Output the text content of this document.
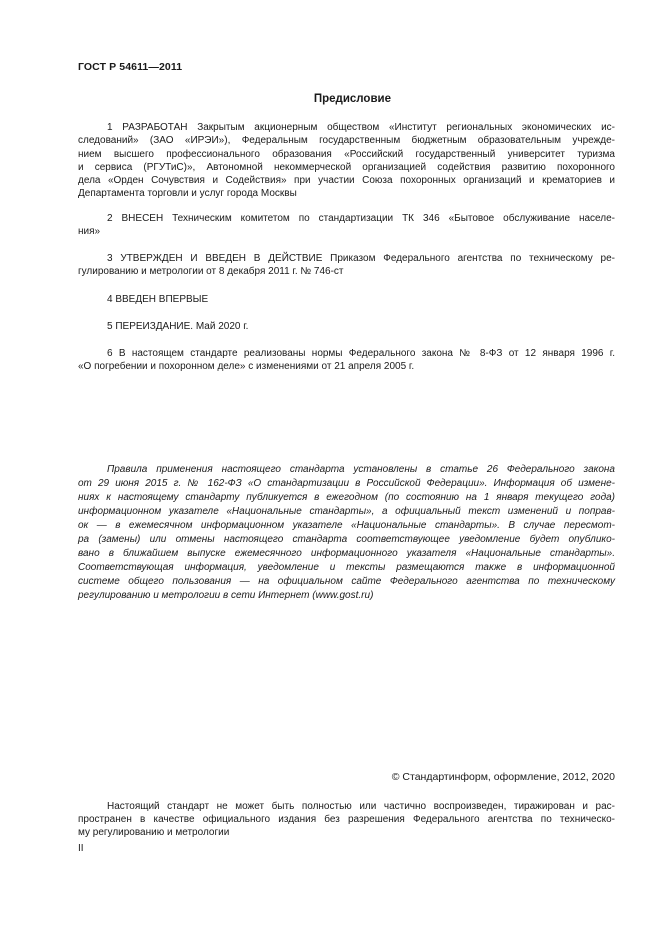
ГОСТ Р 54611—2011
Предисловие
1 РАЗРАБОТАН Закрытым акционерным обществом «Институт региональных экономических ис-
следований» (ЗАО «ИРЭИ»), Федеральным государственным бюджетным образовательным учрежде-
нием высшего профессионального образования «Российский государственный университет туризма
и сервиса (РГУТиС)», Автономной некоммерческой организацией содействия развитию похоронного
дела «Орден Сочувствия и Содействия» при участии Союза похоронных организаций и крематориев и
Департамента торговли и услуг города Москвы
2 ВНЕСЕН Техническим комитетом по стандартизации ТК 346 «Бытовое обслуживание населе-
ния»
3 УТВЕРЖДЕН И ВВЕДЕН В ДЕЙСТВИЕ Приказом Федерального агентства по техническому ре-
гулированию и метрологии от 8 декабря 2011 г. № 746-ст
4 ВВЕДЕН ВПЕРВЫЕ
5 ПЕРЕИЗДАНИЕ. Май 2020 г.
6 В настоящем стандарте реализованы нормы Федерального закона № 8-ФЗ от 12 января 1996 г.
«О погребении и похоронном деле» с изменениями от 21 апреля 2005 г.
Правила применения настоящего стандарта установлены в статье 26 Федерального закона
от 29 июня 2015 г. № 162-ФЗ «О стандартизации в Российской Федерации». Информация об измене-
ниях к настоящему стандарту публикуется в ежегодном (по состоянию на 1 января текущего года)
информационном указателе «Национальные стандарты», а официальный текст изменений и поправ-
ок — в ежемесячном информационном указателе «Национальные стандарты». В случае пересмот-
ра (замены) или отмены настоящего стандарта соответствующее уведомление будет опублико-
вано в ближайшем выпуске ежемесячного информационного указателя «Национальные стандарты».
Соответствующая информация, уведомление и тексты размещаются также в информационной
системе общего пользования — на официальном сайте Федерального агентства по техническому
регулированию и метрологии в сети Интернет (www.gost.ru)
© Стандартинформ, оформление, 2012, 2020
Настоящий стандарт не может быть полностью или частично воспроизведен, тиражирован и рас-
пространен в качестве официального издания без разрешения Федерального агентства по техническо-
му регулированию и метрологии
II
